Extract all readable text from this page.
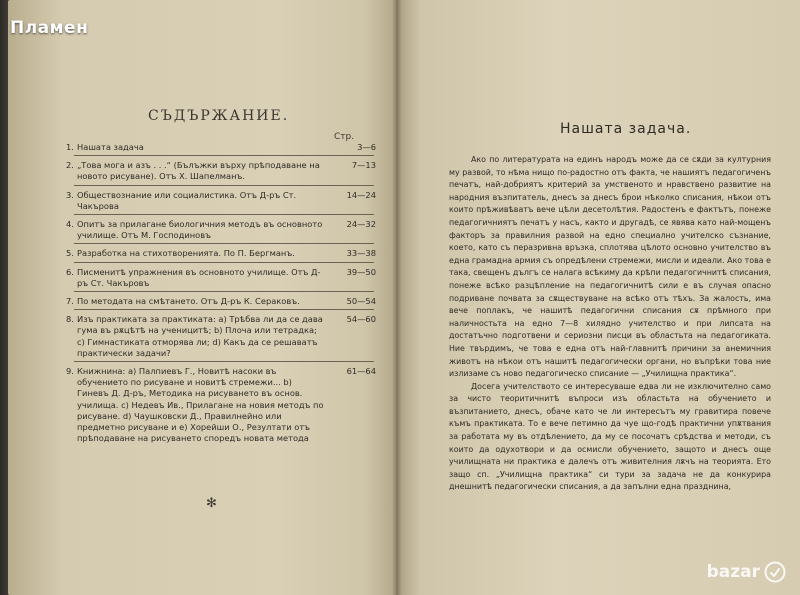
СЪДЪРЖАНИЕ.
Стр.
1. Нашата задача	3—6
2. „Това мога и азъ . . .“ (Бълъжки върху прѣподаване на новото рисуване). Отъ Х. Шапелманъ.
7—13
3. Обществознание или социалистика. Отъ Д-ръ Ст. Чакърова
14—24
4. Опитъ за прилагане биологичния методъ въ основното училище. Отъ М. Господиновъ
24—32
5. Разработка на стихотворенията. По П. Бергманъ.	33—38
6. Писменитѣ упражнения въ основното училище. Отъ Д-ръ Ст. Чакъровъ
39—50
7. По методата на смѣтането. Отъ Д-ръ К. Сераковъ.	50—54
8. Изъ практиката за практиката: а) Трѣбва ли да се дава гума въ рѫцѣтѣ на ученицитѣ; b) Плоча или тетрадка; c) Гимнастиката отморява ли; d) Какъ да се решаватъ практически задачи?
54—60
9. Книжнина: а) Палпиевъ Г., Новитѣ насоки въ обучението по рисуване и новитѣ стремежи... b) Гиневъ Д. Д-ръ, Методика на рисуването въ основ. училища. c) Недевъ Ив., Прилагане на новия методъ по рисуване. d) Чаушковски Д., Правилнейно или предметно рисуване и e) Хорейши О., Резултати отъ прѣподаване на рисуването споредъ новата метода
61—64
✻
Нашата задача.

Ако по литературата на единъ народъ може да се сѫди за културния му развой, то нѣма нищо по-радостно отъ факта, че нашиятъ педагогиченъ печатъ, най-добриятъ критерий за умственото и нравствено развитие на народния възпитатель, днесъ за днесъ брои нѣколко списания, нѣкои отъ които прѣживѣватъ вече цѣли десетолѣтия. Радостенъ е фактътъ, понеже педагогичниятъ печатъ у насъ, както и другадѣ, се явява като най-мощенъ факторъ за правилния развой на едно специално учителско съзнание, което, като съ перазривна връзка, сплотява цѣлото основно учителство въ една грамадна армия съ опредѣлени стремежи, мисли и идеали. Ако това е така, свещенъ дългъ се налага всѣкиму да крѣпи педагогичнитѣ списания, понеже всѣко разцѣпление на педагогичнитѣ сили е въ случая опасно подриване почвата за сѫществуване на всѣко отъ тѣхъ. За жалость, има вече поплакъ, че нашитѣ педагогични списания сѫ прѣмного при наличностьта на едно 7—8 хилядно учителство и при липсата на достатъчно подготвени и сериозни писци въ областьта на педагогиката. Ние твърдимъ, че това е една отъ най-главнитѣ причини за анемичния животъ на нѣкои отъ нашитѣ педагогически органи, но въпрѣки това ние излизаме съ ново педагогическо списание — „Училищна практика“.

Досега учителството се интересуваше едва ли не изключително само за чисто теоритичнитѣ въпроси изъ областьта на обучението и възпитанието, днесъ, обаче като че ли интересътъ му гравитира повече къмъ практиката. То е вече петимно да чуе що-годѣ практични упѫтвания за работата му въ отдѣлението, да му се посочатъ срѣдства и методи, съ които да одухотвори и да осмисли обучението, защото и днесъ още училищната ни практика е далечъ отъ живителния лѫчъ на теорията. Ето защо сп. „Училищна практика“ си тури за задача не да конкурира днешнитѣ педагогически списания, а да запълни една празднина,

Пламен
bazar
